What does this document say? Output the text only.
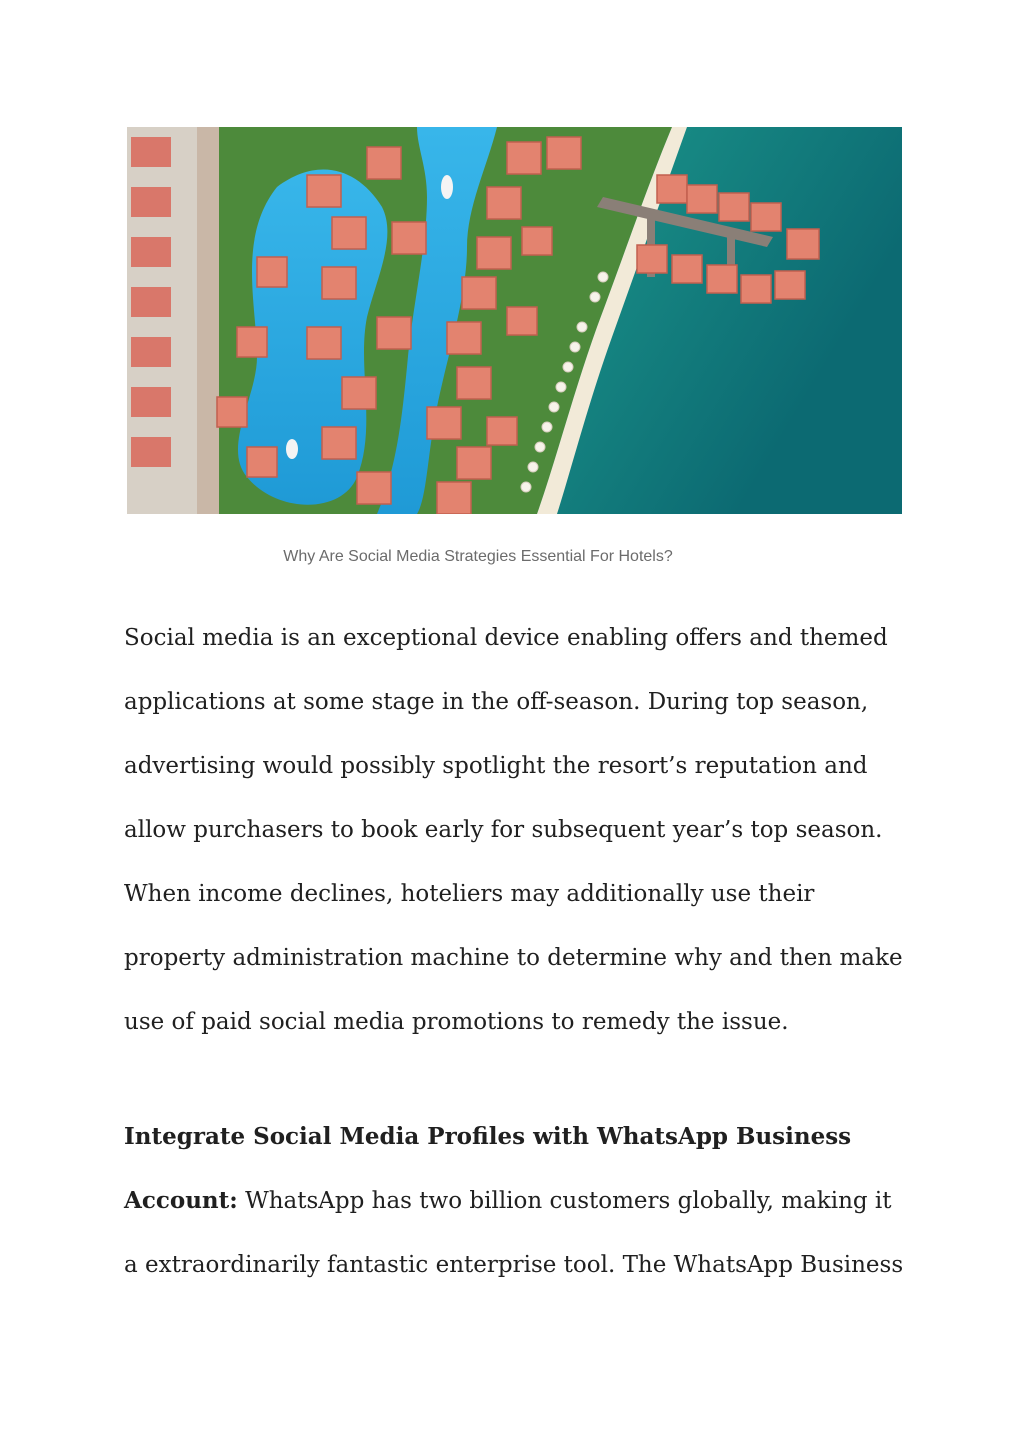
Why Are Social Media Strategies Essential For Hotels?

Social media is an exceptional device enabling offers and themed applications at some stage in the off-season. During top season, advertising would possibly spotlight the resort’s reputation and allow purchasers to book early for subsequent year’s top season. When income declines, hoteliers may additionally use their property administration machine to determine why and then make use of paid social media promotions to remedy the issue.

Integrate Social Media Profiles with WhatsApp Business Account: WhatsApp has two billion customers globally, making it a extraordinarily fantastic enterprise tool. The WhatsApp Business
